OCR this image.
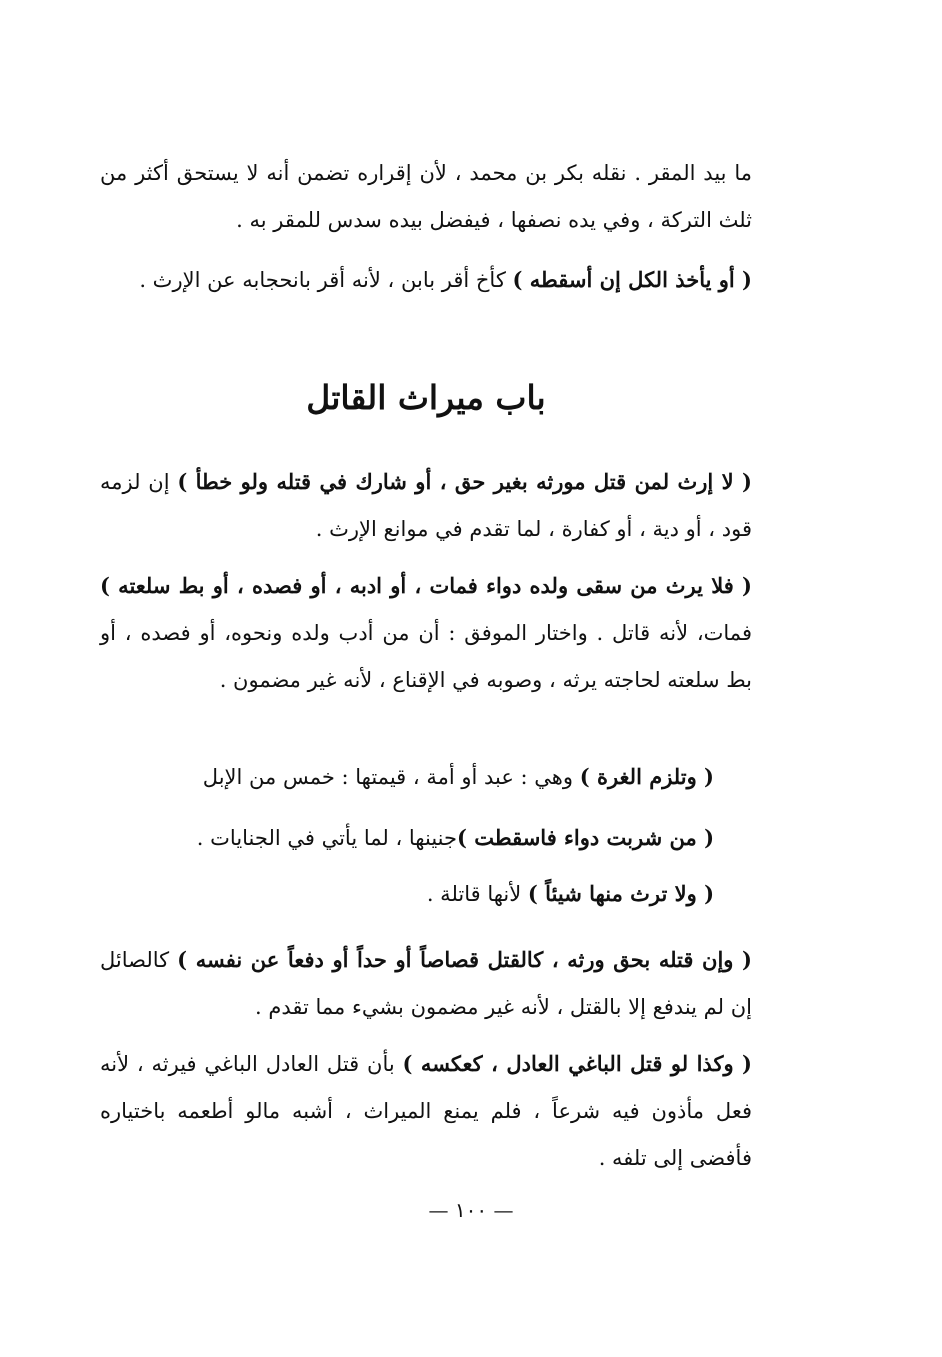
ما بيد المقر . نقله بكر بن محمد ، لأن إقراره تضمن أنه لا يستحق أكثر من ثلث التركة ، وفي يده نصفها ، فيفضل بيده سدس للمقر به .
( أو يأخذ الكل إن أسقطه ) كأخ أقر بابن ، لأنه أقر بانحجابه عن الإرث .
باب ميراث القاتل
( لا إرث لمن قتل مورثه بغير حق ، أو شارك في قتله ولو خطأ ) إن لزمه قود ، أو دية ، أو كفارة ، لما تقدم في موانع الإرث .
( فلا يرث من سقى ولده دواء فمات ، أو ادبه ، أو فصده ، أو بط سلعته ) فمات، لأنه قاتل . واختار الموفق : أن من أدب ولده ونحوه، أو فصده ، أو بط سلعته لحاجته يرثه ، وصوبه في الإقناع ، لأنه غير مضمون .
( وتلزم الغرة ) وهي : عبد أو أمة ، قيمتها : خمس من الإبل
( من شربت دواء فاسقطت )جنينها ، لما يأتي في الجنايات .
( ولا ترث منها شيئاً ) لأنها قاتلة .
( وإن قتله بحق ورثه ، كالقتل قصاصاً أو حداً أو دفعاً عن نفسه ) كالصائل إن لم يندفع إلا بالقتل ، لأنه غير مضمون بشيء مما تقدم .
( وكذا لو قتل الباغي العادل ، كعكسه ) بأن قتل العادل الباغي فيرثه ، لأنه فعل مأذون فيه شرعاً ، فلم يمنع الميراث ، أشبه مالو أطعمه باختياره فأفضى إلى تلفه .
— ١٠٠ —
